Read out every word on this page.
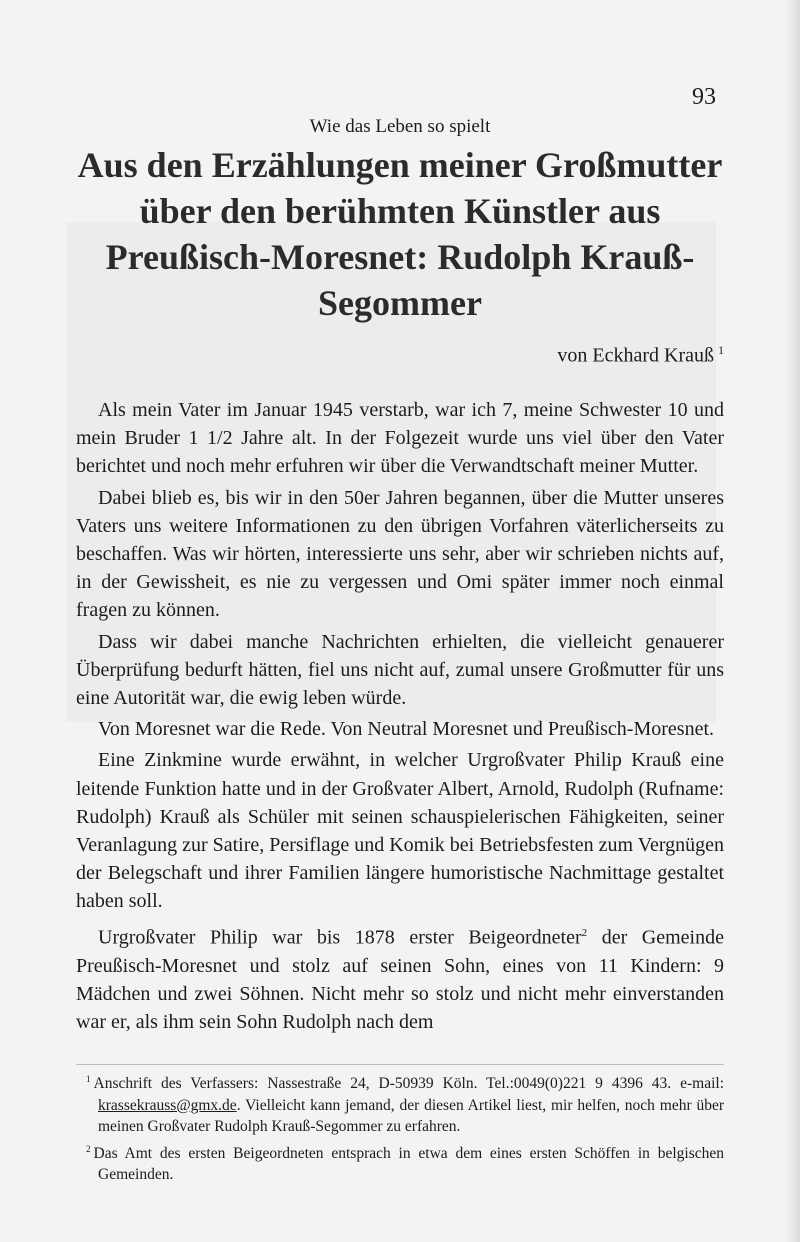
93
Wie das Leben so spielt
Aus den Erzählungen meiner Großmutter über den berühmten Künstler aus Preußisch-Moresnet: Rudolph Krauß-Segommer
von Eckhard Krauß $^1$

Als mein Vater im Januar 1945 verstarb, war ich 7, meine Schwester 10 und mein Bruder 1 1/2 Jahre alt. In der Folgezeit wurde uns viel über den Vater berichtet und noch mehr erfuhren wir über die Verwandtschaft meiner Mutter.

Dabei blieb es, bis wir in den 50er Jahren begannen, über die Mutter unseres Vaters uns weitere Informationen zu den übrigen Vorfahren väterlicherseits zu beschaffen. Was wir hörten, interessierte uns sehr, aber wir schrieben nichts auf, in der Gewissheit, es nie zu vergessen und Omi später immer noch einmal fragen zu können.

Dass wir dabei manche Nachrichten erhielten, die vielleicht genauerer Überprüfung bedurft hätten, fiel uns nicht auf, zumal unsere Großmutter für uns eine Autorität war, die ewig leben würde.

Von Moresnet war die Rede. Von Neutral Moresnet und Preußisch-Moresnet.

Eine Zinkmine wurde erwähnt, in welcher Urgroßvater Philip Krauß eine leitende Funktion hatte und in der Großvater Albert, Arnold, Rudolph (Rufname: Rudolph) Krauß als Schüler mit seinen schauspielerischen Fähigkeiten, seiner Veranlagung zur Satire, Persiflage und Komik bei Betriebsfesten zum Vergnügen der Belegschaft und ihrer Familien längere humoristische Nachmittage gestaltet haben soll.

Urgroßvater Philip war bis 1878 erster Beigeordneter$^2$ der Gemeinde Preußisch-Moresnet und stolz auf seinen Sohn, eines von 11 Kindern: 9 Mädchen und zwei Söhnen. Nicht mehr so stolz und nicht mehr einverstanden war er, als ihm sein Sohn Rudolph nach dem

$^1$ Anschrift des Verfassers: Nassestraße 24, D-50939 Köln. Tel.:0049(0)221 9 4396 43. e-mail: krassekrauss@gmx.de. Vielleicht kann jemand, der diesen Artikel liest, mir helfen, noch mehr über meinen Großvater Rudolph Krauß-Segommer zu erfahren.

$^2$ Das Amt des ersten Beigeordneten entsprach in etwa dem eines ersten Schöffen in belgischen Gemeinden.
